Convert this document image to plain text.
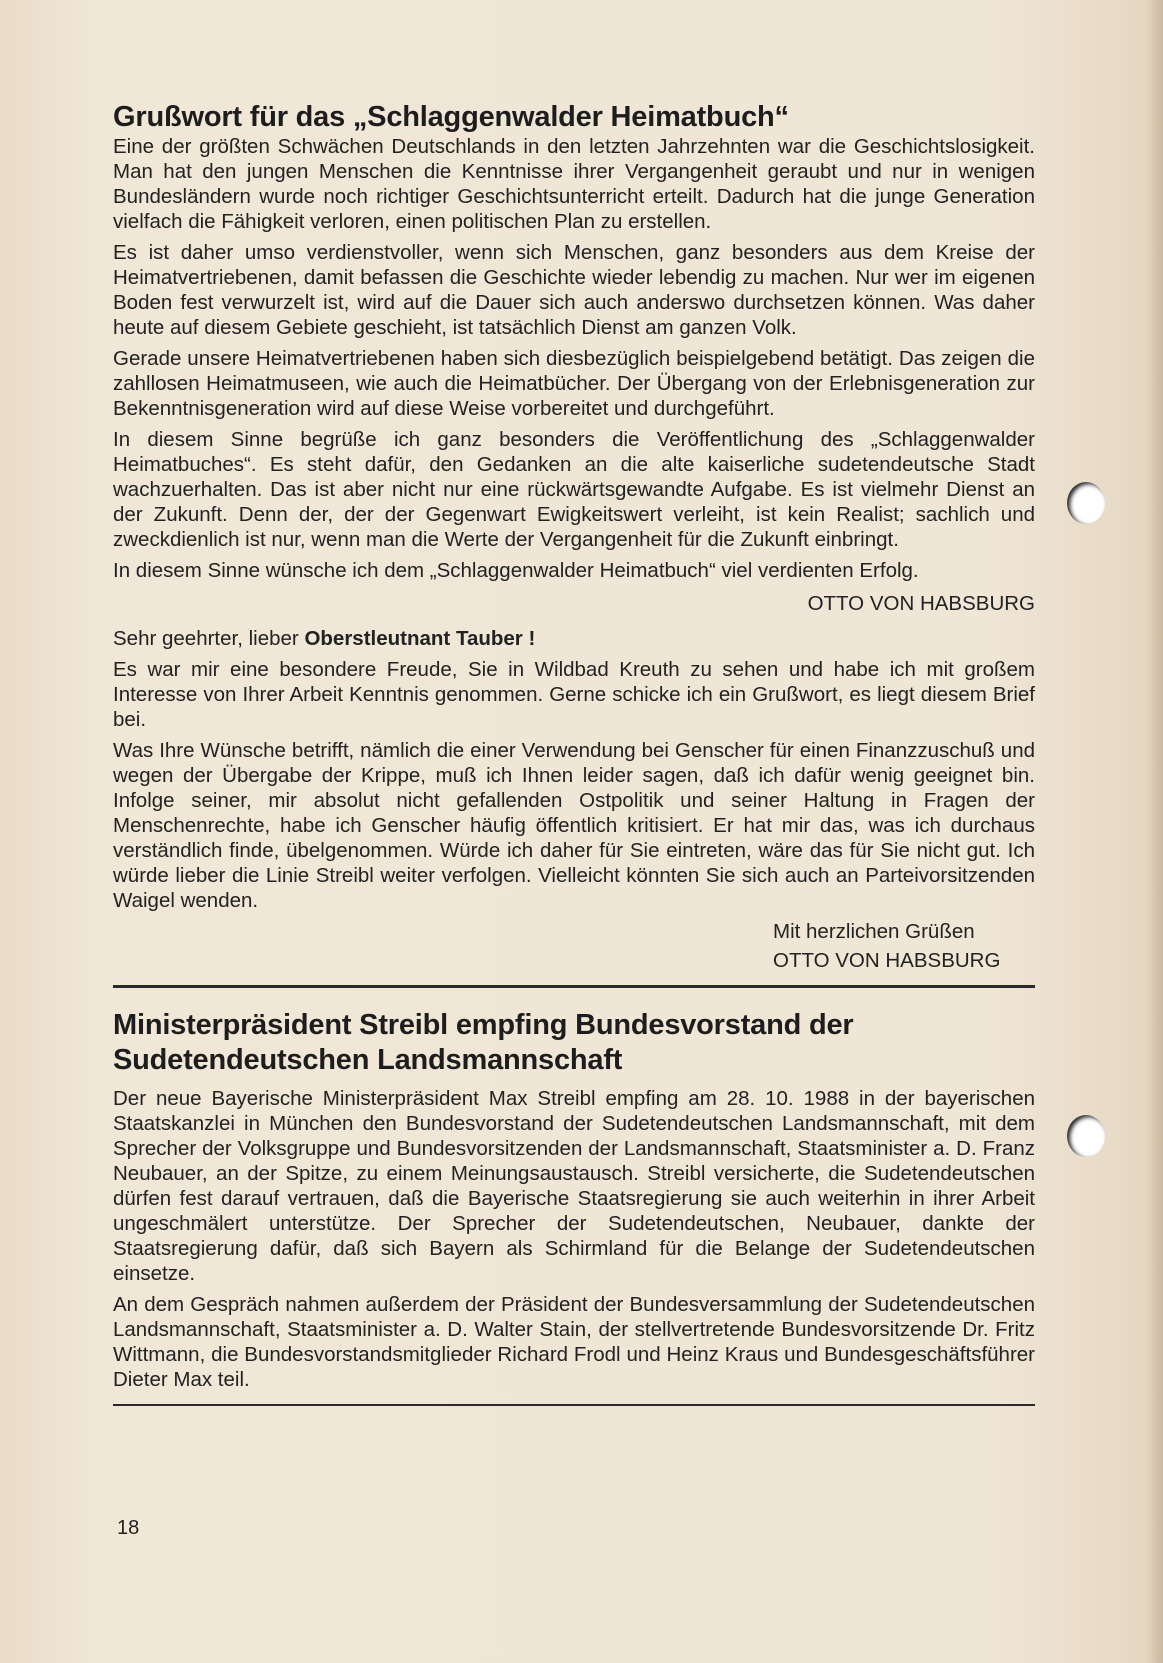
Grußwort für das „Schlaggenwalder Heimatbuch“

Eine der größten Schwächen Deutschlands in den letzten Jahrzehnten war die Geschichtslosigkeit. Man hat den jungen Menschen die Kenntnisse ihrer Vergangenheit geraubt und nur in wenigen Bundesländern wurde noch richtiger Geschichtsunterricht erteilt. Dadurch hat die junge Generation vielfach die Fähigkeit verloren, einen politischen Plan zu erstellen.

Es ist daher umso verdienstvoller, wenn sich Menschen, ganz besonders aus dem Kreise der Heimatvertriebenen, damit befassen die Geschichte wieder lebendig zu machen. Nur wer im eigenen Boden fest verwurzelt ist, wird auf die Dauer sich auch anderswo durchsetzen können. Was daher heute auf diesem Gebiete geschieht, ist tatsächlich Dienst am ganzen Volk.

Gerade unsere Heimatvertriebenen haben sich diesbezüglich beispielgebend betätigt. Das zeigen die zahllosen Heimatmuseen, wie auch die Heimatbücher. Der Übergang von der Erlebnisgeneration zur Bekenntnisgeneration wird auf diese Weise vorbereitet und durchgeführt.

In diesem Sinne begrüße ich ganz besonders die Veröffentlichung des „Schlaggenwalder Heimatbuches“. Es steht dafür, den Gedanken an die alte kaiserliche sudetendeutsche Stadt wachzuerhalten. Das ist aber nicht nur eine rückwärtsgewandte Aufgabe. Es ist vielmehr Dienst an der Zukunft. Denn der, der der Gegenwart Ewigkeitswert verleiht, ist kein Realist; sachlich und zweckdienlich ist nur, wenn man die Werte der Vergangenheit für die Zukunft einbringt.

In diesem Sinne wünsche ich dem „Schlaggenwalder Heimatbuch“ viel verdienten Erfolg.

OTTO VON HABSBURG
Sehr geehrter, lieber Oberstleutnant Tauber !

Es war mir eine besondere Freude, Sie in Wildbad Kreuth zu sehen und habe ich mit großem Interesse von Ihrer Arbeit Kenntnis genommen. Gerne schicke ich ein Grußwort, es liegt diesem Brief bei.

Was Ihre Wünsche betrifft, nämlich die einer Verwendung bei Genscher für einen Finanzzuschuß und wegen der Übergabe der Krippe, muß ich Ihnen leider sagen, daß ich dafür wenig geeignet bin. Infolge seiner, mir absolut nicht gefallenden Ostpolitik und seiner Haltung in Fragen der Menschenrechte, habe ich Genscher häufig öffentlich kritisiert. Er hat mir das, was ich durchaus verständlich finde, übelgenommen. Würde ich daher für Sie eintreten, wäre das für Sie nicht gut. Ich würde lieber die Linie Streibl weiter verfolgen. Vielleicht könnten Sie sich auch an Parteivorsitzenden Waigel wenden.

Mit herzlichen Grüßen
OTTO VON HABSBURG
Ministerpräsident Streibl empfing Bundesvorstand der
Sudetendeutschen Landsmannschaft

Der neue Bayerische Ministerpräsident Max Streibl empfing am 28. 10. 1988 in der bayerischen Staatskanzlei in München den Bundesvorstand der Sudetendeutschen Landsmannschaft, mit dem Sprecher der Volksgruppe und Bundesvorsitzenden der Landsmannschaft, Staatsminister a. D. Franz Neubauer, an der Spitze, zu einem Meinungsaustausch. Streibl versicherte, die Sudetendeutschen dürfen fest darauf vertrauen, daß die Bayerische Staatsregierung sie auch weiterhin in ihrer Arbeit ungeschmälert unterstütze. Der Sprecher der Sudetendeutschen, Neubauer, dankte der Staatsregierung dafür, daß sich Bayern als Schirmland für die Belange der Sudetendeutschen einsetze.

An dem Gespräch nahmen außerdem der Präsident der Bundesversammlung der Sudetendeutschen Landsmannschaft, Staatsminister a. D. Walter Stain, der stellvertretende Bundesvorsitzende Dr. Fritz Wittmann, die Bundesvorstandsmitglieder Richard Frodl und Heinz Kraus und Bundesgeschäftsführer Dieter Max teil.

18
